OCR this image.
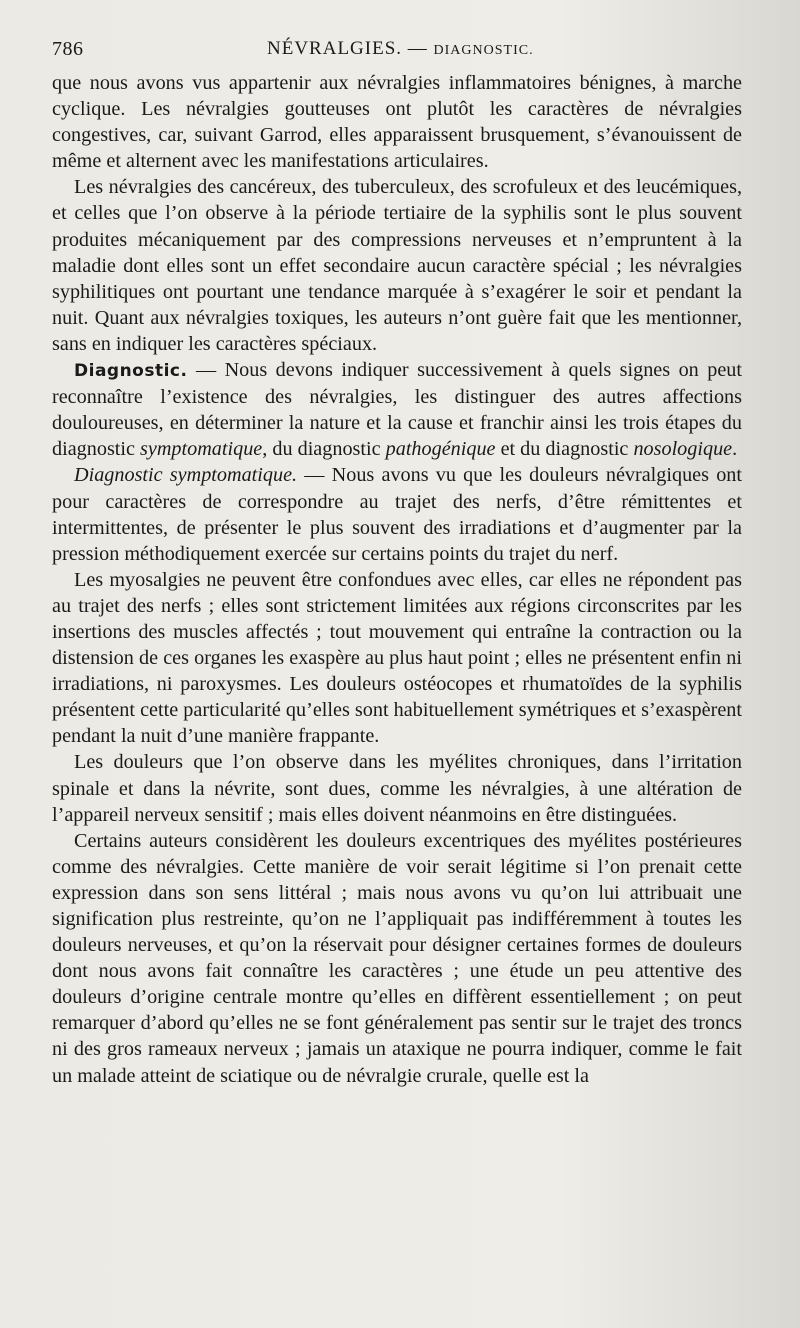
786	NÉVRALGIES. — DIAGNOSTIC.

que nous avons vus appartenir aux névralgies inflammatoires bénignes, à marche cyclique. Les névralgies goutteuses ont plutôt les caractères de névralgies congestives, car, suivant Garrod, elles apparaissent brusquement, s’évanouissent de même et alternent avec les manifestations articulaires.

Les névralgies des cancéreux, des tuberculeux, des scrofuleux et des leucémiques, et celles que l’on observe à la période tertiaire de la syphilis sont le plus souvent produites mécaniquement par des compressions nerveuses et n’empruntent à la maladie dont elles sont un effet secondaire aucun caractère spécial ; les névralgies syphilitiques ont pourtant une tendance marquée à s’exagérer le soir et pendant la nuit. Quant aux névralgies toxiques, les auteurs n’ont guère fait que les mentionner, sans en indiquer les caractères spéciaux.

Diagnostic. — Nous devons indiquer successivement à quels signes on peut reconnaître l’existence des névralgies, les distinguer des autres affections douloureuses, en déterminer la nature et la cause et franchir ainsi les trois étapes du diagnostic symptomatique, du diagnostic pathogénique et du diagnostic nosologique.

Diagnostic symptomatique. — Nous avons vu que les douleurs névralgiques ont pour caractères de correspondre au trajet des nerfs, d’être rémittentes et intermittentes, de présenter le plus souvent des irradiations et d’augmenter par la pression méthodiquement exercée sur certains points du trajet du nerf.

Les myosalgies ne peuvent être confondues avec elles, car elles ne répondent pas au trajet des nerfs ; elles sont strictement limitées aux régions circonscrites par les insertions des muscles affectés ; tout mouvement qui entraîne la contraction ou la distension de ces organes les exaspère au plus haut point ; elles ne présentent enfin ni irradiations, ni paroxysmes. Les douleurs ostéocopes et rhumatoïdes de la syphilis présentent cette particularité qu’elles sont habituellement symétriques et s’exaspèrent pendant la nuit d’une manière frappante.

Les douleurs que l’on observe dans les myélites chroniques, dans l’irritation spinale et dans la névrite, sont dues, comme les névralgies, à une altération de l’appareil nerveux sensitif ; mais elles doivent néanmoins en être distinguées.

Certains auteurs considèrent les douleurs excentriques des myélites postérieures comme des névralgies. Cette manière de voir serait légitime si l’on prenait cette expression dans son sens littéral ; mais nous avons vu qu’on lui attribuait une signification plus restreinte, qu’on ne l’appliquait pas indifféremment à toutes les douleurs nerveuses, et qu’on la réservait pour désigner certaines formes de douleurs dont nous avons fait connaître les caractères ; une étude un peu attentive des douleurs d’origine centrale montre qu’elles en diffèrent essentiellement ; on peut remarquer d’abord qu’elles ne se font généralement pas sentir sur le trajet des troncs ni des gros rameaux nerveux ; jamais un ataxique ne pourra indiquer, comme le fait un malade atteint de sciatique ou de névralgie crurale, quelle est la
